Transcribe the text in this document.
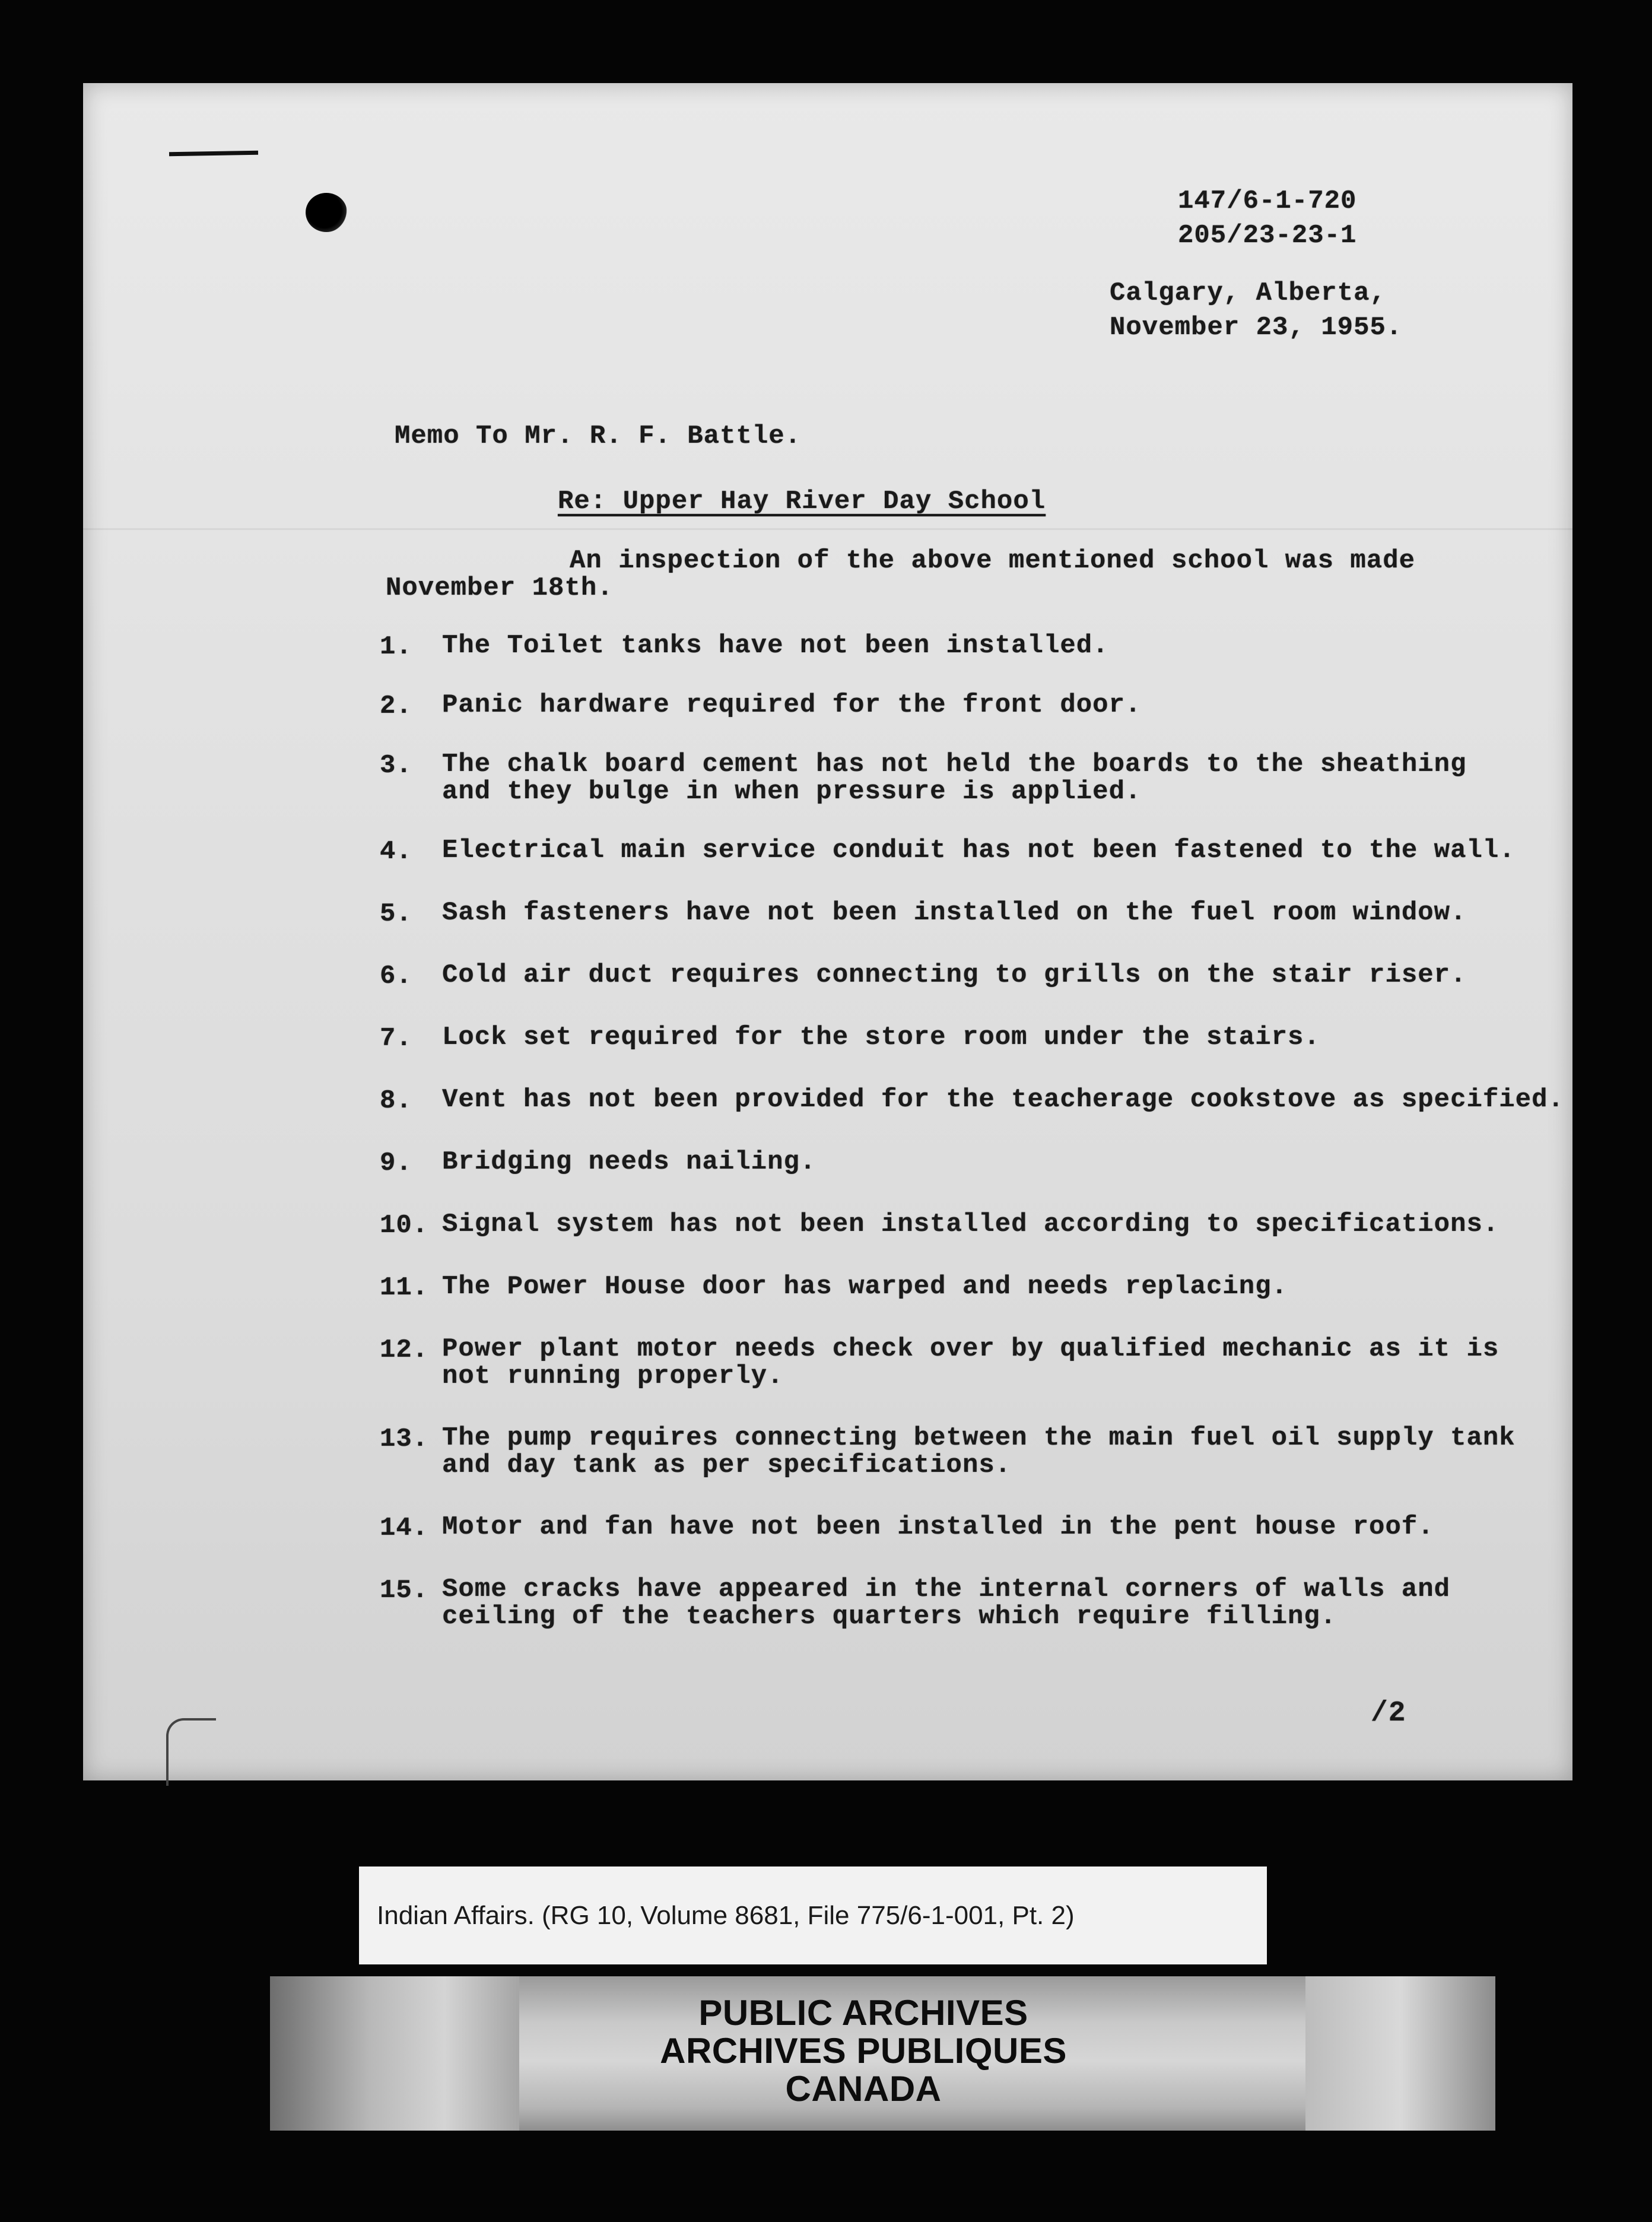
147/6-1-720
205/23-23-1
Calgary, Alberta,
November 23, 1955.
Memo To Mr. R. F. Battle.
Re: Upper Hay River Day School
An inspection of the above mentioned school was made
November 18th.
1. The Toilet tanks have not been installed.
2. Panic hardware required for the front door.
3. The chalk board cement has not held the boards to the sheathing
and they bulge in when pressure is applied.
4. Electrical main service conduit has not been fastened to the wall.
5. Sash fasteners have not been installed on the fuel room window.
6. Cold air duct requires connecting to grills on the stair riser.
7. Lock set required for the store room under the stairs.
8. Vent has not been provided for the teacherage cookstove as specified.
9. Bridging needs nailing.
10. Signal system has not been installed according to specifications.
11. The Power House door has warped and needs replacing.
12. Power plant motor needs check over by qualified mechanic as it is
not running properly.
13. The pump requires connecting between the main fuel oil supply tank
and day tank as per specifications.
14. Motor and fan have not been installed in the pent house roof.
15. Some cracks have appeared in the internal corners of walls and
ceiling of the teachers quarters which require filling.
/2
Indian Affairs. (RG 10, Volume 8681, File 775/6-1-001, Pt. 2)
PUBLIC ARCHIVES
ARCHIVES PUBLIQUES
CANADA
